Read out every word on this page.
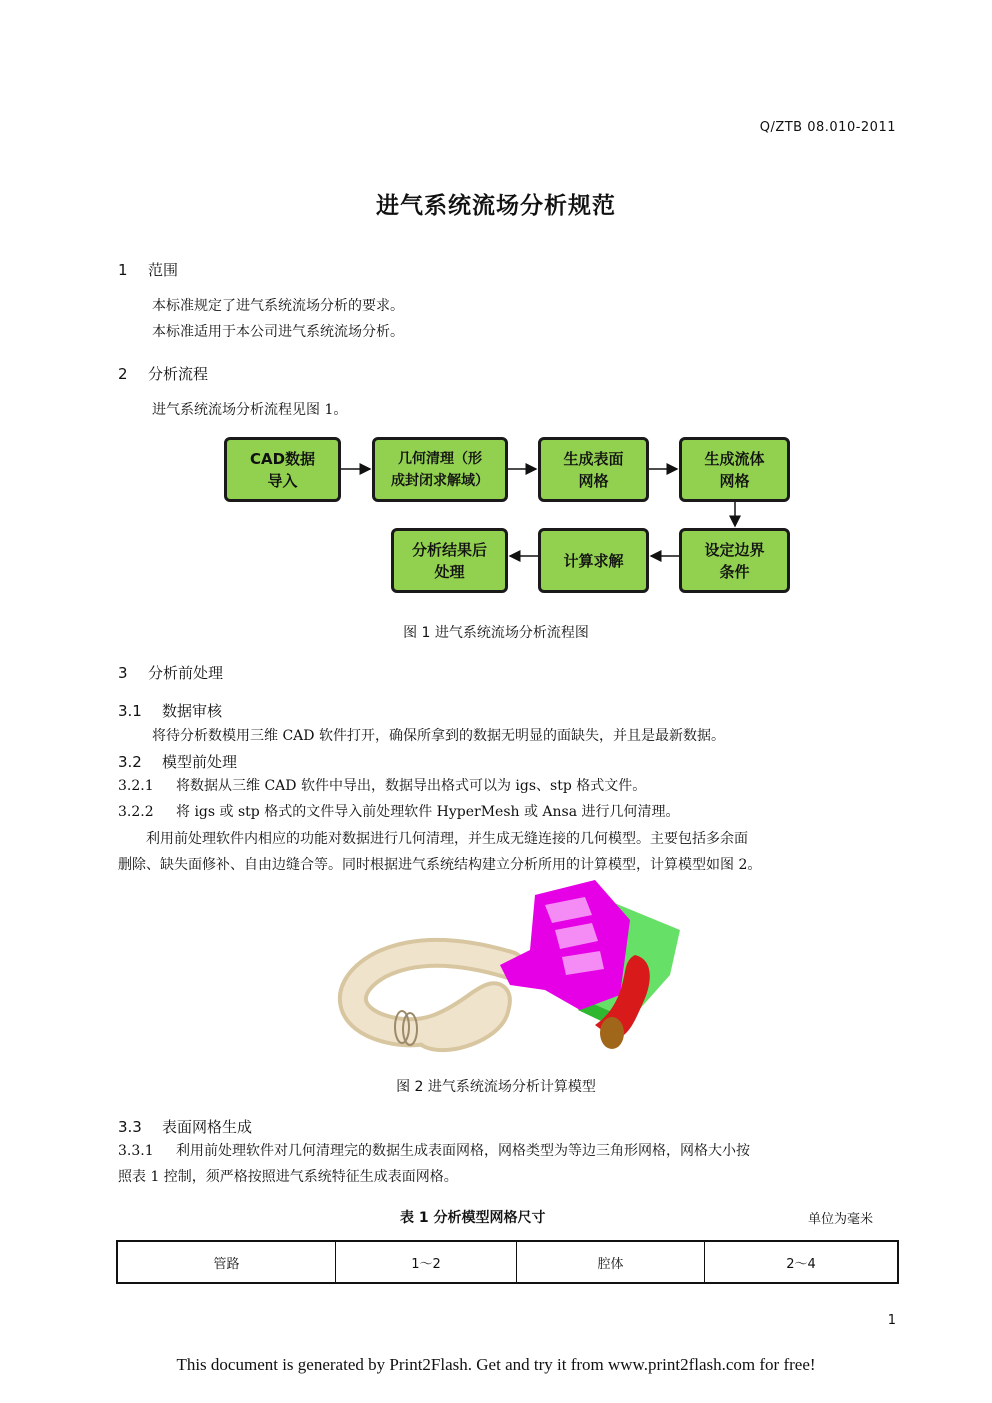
Q/ZTB 08.010-2011
进气系统流场分析规范
1 范围
本标准规定了进气系统流场分析的要求。
本标准适用于本公司进气系统流场分析。
2 分析流程
进气系统流场分析流程见图 1。
CAD数据
导入
几何清理（形
成封闭求解域）
生成表面
网格
生成流体
网格
设定边界
条件
计算求解
分析结果后
处理
图 1 进气系统流场分析流程图
3 分析前处理
3.1 数据审核
将待分析数模用三维 CAD 软件打开，确保所拿到的数据无明显的面缺失，并且是最新数据。
3.2 模型前处理
3.2.1 将数据从三维 CAD 软件中导出，数据导出格式可以为 igs、stp 格式文件。
3.2.2 将 igs 或 stp 格式的文件导入前处理软件 HyperMesh 或 Ansa 进行几何清理。
利用前处理软件内相应的功能对数据进行几何清理，并生成无缝连接的几何模型。主要包括多余面
删除、缺失面修补、自由边缝合等。同时根据进气系统结构建立分析所用的计算模型，计算模型如图 2。
图 2 进气系统流场分析计算模型
3.3 表面网格生成
3.3.1 利用前处理软件对几何清理完的数据生成表面网格，网格类型为等边三角形网格，网格大小按
照表 1 控制，须严格按照进气系统特征生成表面网格。
表 1 分析模型网格尺寸	单位为毫米
管路	1～2	腔体	2～4
1
This document is generated by Print2Flash. Get and try it from www.print2flash.com for free!
